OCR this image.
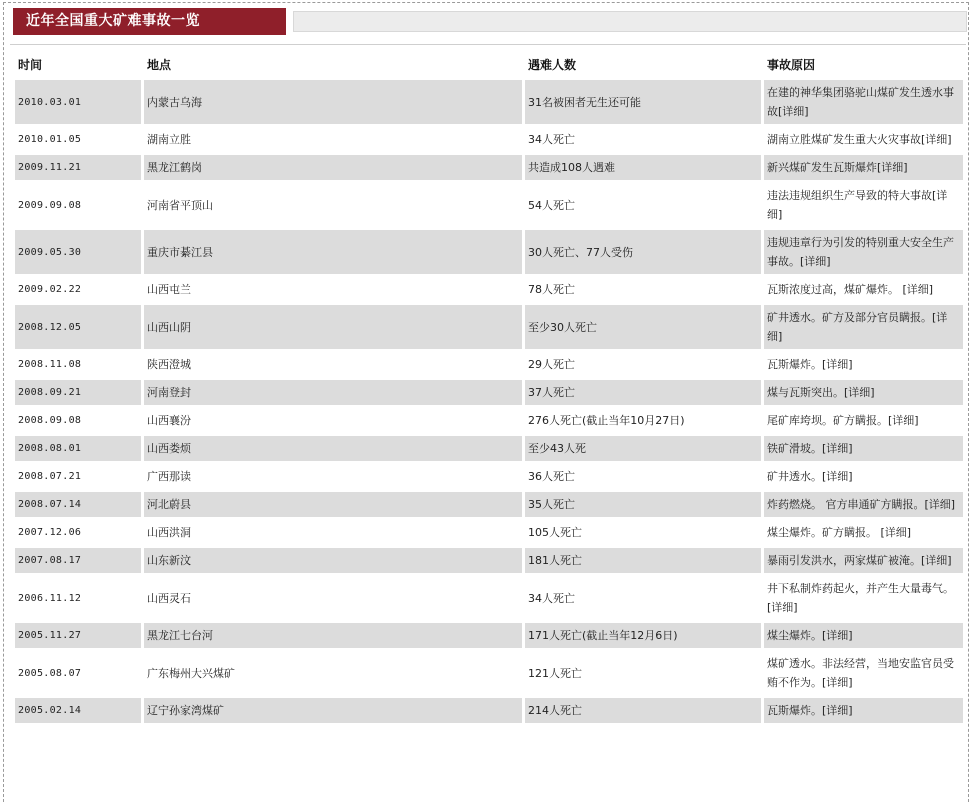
近年全国重大矿难事故一览
时间	地点	遇难人数	事故原因
2010.03.01	内蒙古乌海	31名被困者无生还可能	在建的神华集团骆驼山煤矿发生透水事故[详细]
2010.01.05	湖南立胜	34人死亡	湖南立胜煤矿发生重大火灾事故[详细]
2009.11.21	黑龙江鹤岗	共造成108人遇难	新兴煤矿发生瓦斯爆炸[详细]
2009.09.08	河南省平顶山	54人死亡	违法违规组织生产导致的特大事故[详细]
2009.05.30	重庆市綦江县	30人死亡、77人受伤	违规违章行为引发的特别重大安全生产事故。[详细]
2009.02.22	山西屯兰	78人死亡	瓦斯浓度过高，煤矿爆炸。 [详细]
2008.12.05	山西山阴	至少30人死亡	矿井透水。矿方及部分官员瞒报。[详细]
2008.11.08	陕西澄城	29人死亡	瓦斯爆炸。[详细]
2008.09.21	河南登封	37人死亡	煤与瓦斯突出。[详细]
2008.09.08	山西襄汾	276人死亡(截止当年10月27日)	尾矿库垮坝。矿方瞒报。[详细]
2008.08.01	山西娄烦	至少43人死	铁矿滑坡。[详细]
2008.07.21	广西那读	36人死亡	矿井透水。[详细]
2008.07.14	河北蔚县	35人死亡	炸药燃烧。 官方串通矿方瞒报。[详细]
2007.12.06	山西洪洞	105人死亡	煤尘爆炸。矿方瞒报。 [详细]
2007.08.17	山东新汶	181人死亡	暴雨引发洪水，两家煤矿被淹。[详细]
2006.11.12	山西灵石	34人死亡	井下私制炸药起火，并产生大量毒气。[详细]
2005.11.27	黑龙江七台河	171人死亡(截止当年12月6日)	煤尘爆炸。[详细]
2005.08.07	广东梅州大兴煤矿	121人死亡	煤矿透水。非法经营，当地安监官员受贿不作为。[详细]
2005.02.14	辽宁孙家湾煤矿	214人死亡	瓦斯爆炸。[详细]
